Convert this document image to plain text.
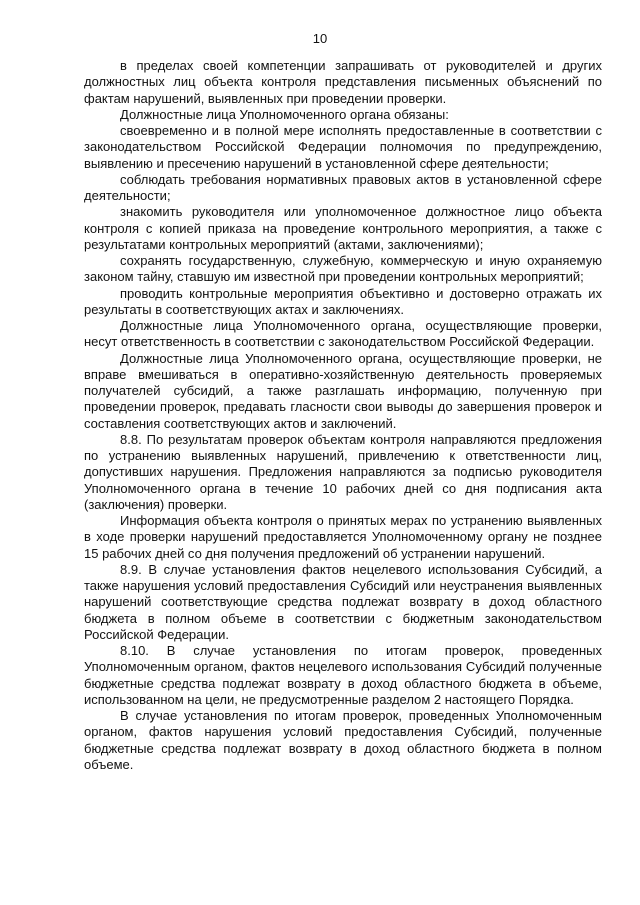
10

в пределах своей компетенции запрашивать от руководителей и других должностных лиц объекта контроля представления письменных объяснений по фактам нарушений, выявленных при проведении проверки.

Должностные лица Уполномоченного органа обязаны:

своевременно и в полной мере исполнять предоставленные в соответствии с законодательством Российской Федерации полномочия по предупреждению, выявлению и пресечению нарушений в установленной сфере деятельности;

соблюдать требования нормативных правовых актов в установленной сфере деятельности;

знакомить руководителя или уполномоченное должностное лицо объекта контроля с копией приказа на проведение контрольного мероприятия, а также с результатами контрольных мероприятий (актами, заключениями);

сохранять государственную, служебную, коммерческую и иную охраняемую законом тайну, ставшую им известной при проведении контрольных мероприятий;

проводить контрольные мероприятия объективно и достоверно отражать их результаты в соответствующих актах и заключениях.

Должностные лица Уполномоченного органа, осуществляющие проверки, несут ответственность в соответствии с законодательством Российской Федерации.

Должностные лица Уполномоченного органа, осуществляющие проверки, не вправе вмешиваться в оперативно-хозяйственную деятельность проверяемых получателей субсидий, а также разглашать информацию, полученную при проведении проверок, предавать гласности свои выводы до завершения проверок и составления соответствующих актов и заключений.

8.8. По результатам проверок объектам контроля направляются предложения по устранению выявленных нарушений, привлечению к ответственности лиц, допустивших нарушения. Предложения направляются за подписью руководителя Уполномоченного органа в течение 10 рабочих дней со дня подписания акта (заключения) проверки.

Информация объекта контроля о принятых мерах по устранению выявленных в ходе проверки нарушений предоставляется Уполномоченному органу не позднее 15 рабочих дней со дня получения предложений об устранении нарушений.

8.9. В случае установления фактов нецелевого использования Субсидий, а также нарушения условий предоставления Субсидий или неустранения выявленных нарушений соответствующие средства подлежат возврату в доход областного бюджета в полном объеме в соответствии с бюджетным законодательством Российской Федерации.

8.10. В случае установления по итогам проверок, проведенных Уполномоченным органом, фактов нецелевого использования Субсидий полученные бюджетные средства подлежат возврату в доход областного бюджета в объеме, использованном на цели, не предусмотренные разделом 2 настоящего Порядка.

В случае установления по итогам проверок, проведенных Уполномоченным органом, фактов нарушения условий предоставления Субсидий, полученные бюджетные средства подлежат возврату в доход областного бюджета в полном объеме.
